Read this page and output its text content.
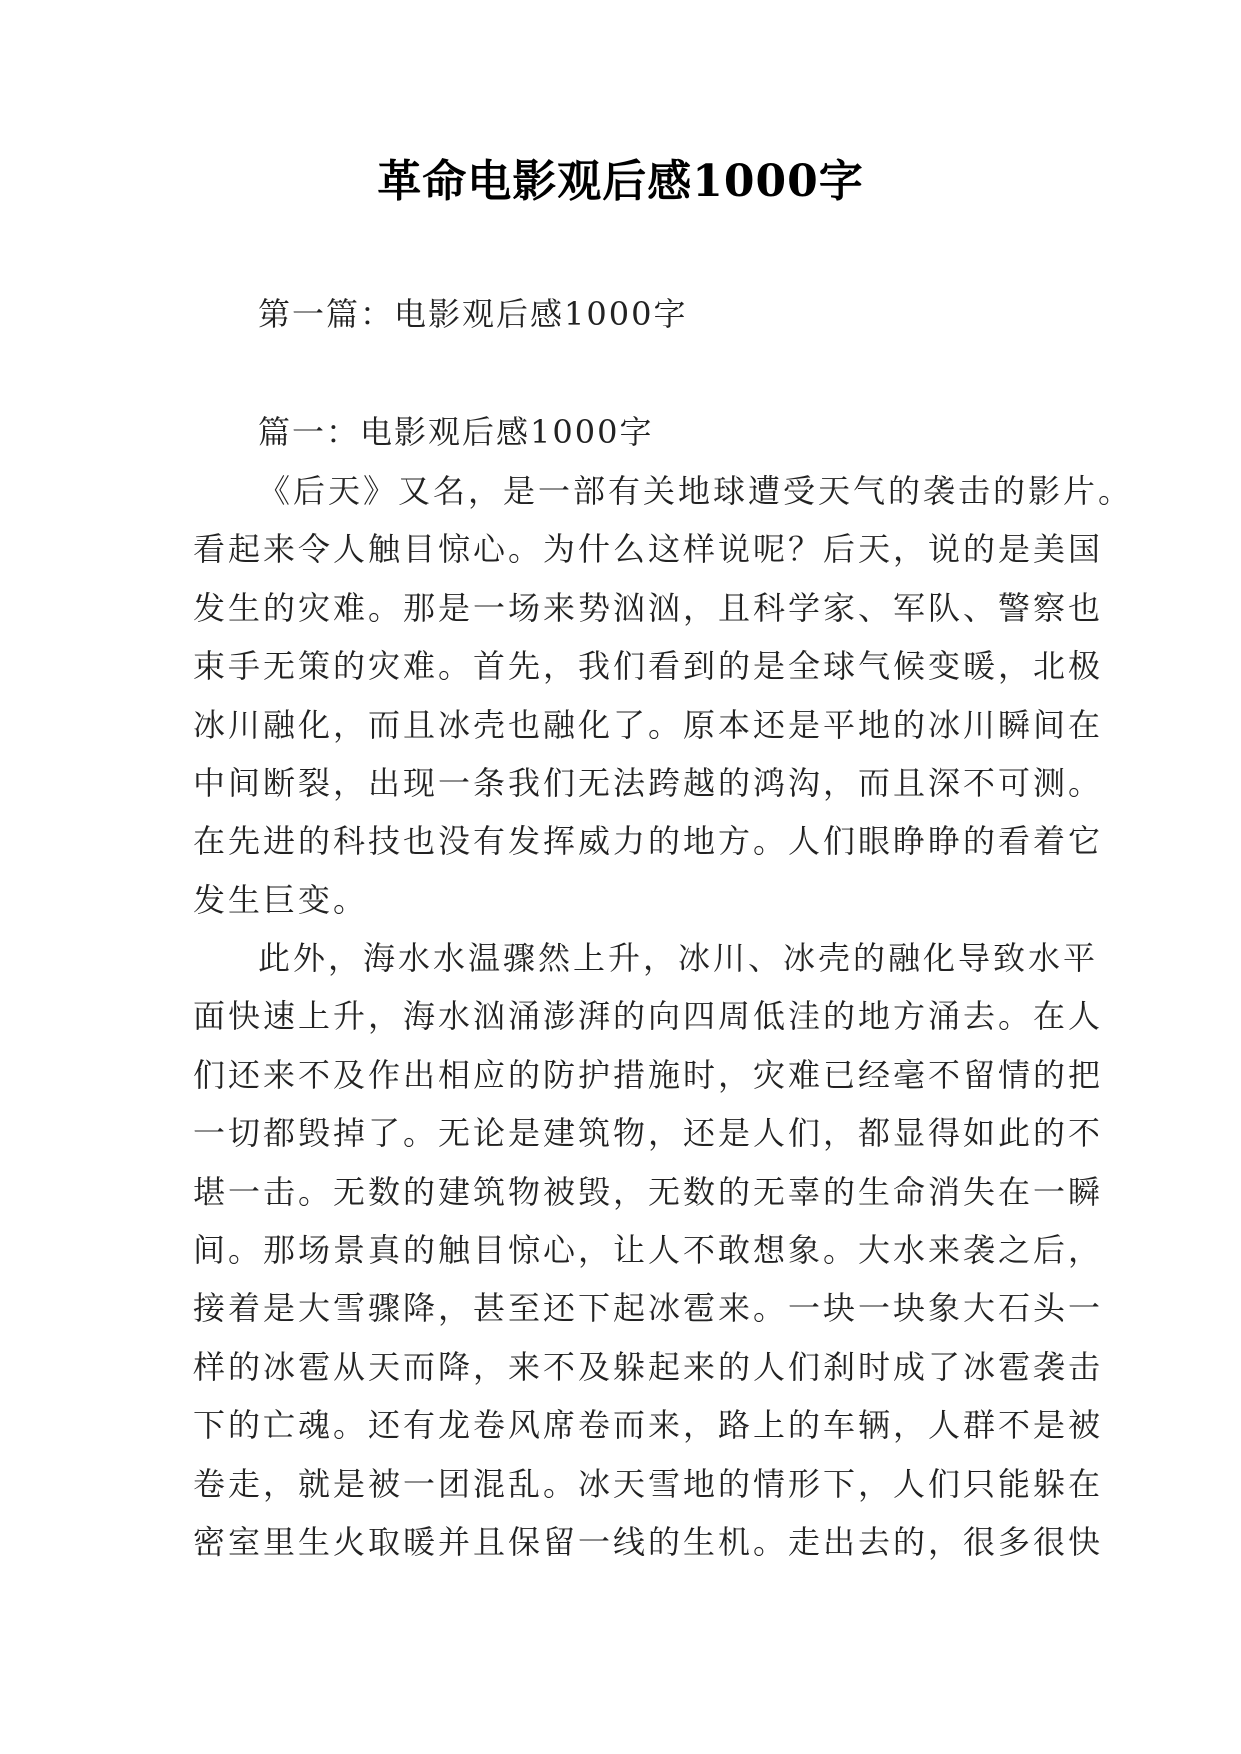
革命电影观后感1000字
第一篇：电影观后感1000字
篇一：电影观后感1000字
《后天》又名，是一部有关地球遭受天气的袭击的影片。
看起来令人触目惊心。为什么这样说呢？后天，说的是美国
发生的灾难。那是一场来势汹汹，且科学家、军队、警察也
束手无策的灾难。首先，我们看到的是全球气候变暖，北极
冰川融化，而且冰壳也融化了。原本还是平地的冰川瞬间在
中间断裂，出现一条我们无法跨越的鸿沟，而且深不可测。
在先进的科技也没有发挥威力的地方。人们眼睁睁的看着它
发生巨变。
此外，海水水温骤然上升，冰川、冰壳的融化导致水平
面快速上升，海水汹涌澎湃的向四周低洼的地方涌去。在人
们还来不及作出相应的防护措施时，灾难已经毫不留情的把
一切都毁掉了。无论是建筑物，还是人们，都显得如此的不
堪一击。无数的建筑物被毁，无数的无辜的生命消失在一瞬
间。那场景真的触目惊心，让人不敢想象。大水来袭之后，
接着是大雪骤降，甚至还下起冰雹来。一块一块象大石头一
样的冰雹从天而降，来不及躲起来的人们刹时成了冰雹袭击
下的亡魂。还有龙卷风席卷而来，路上的车辆，人群不是被
卷走，就是被一团混乱。冰天雪地的情形下，人们只能躲在
密室里生火取暖并且保留一线的生机。走出去的，很多很快
